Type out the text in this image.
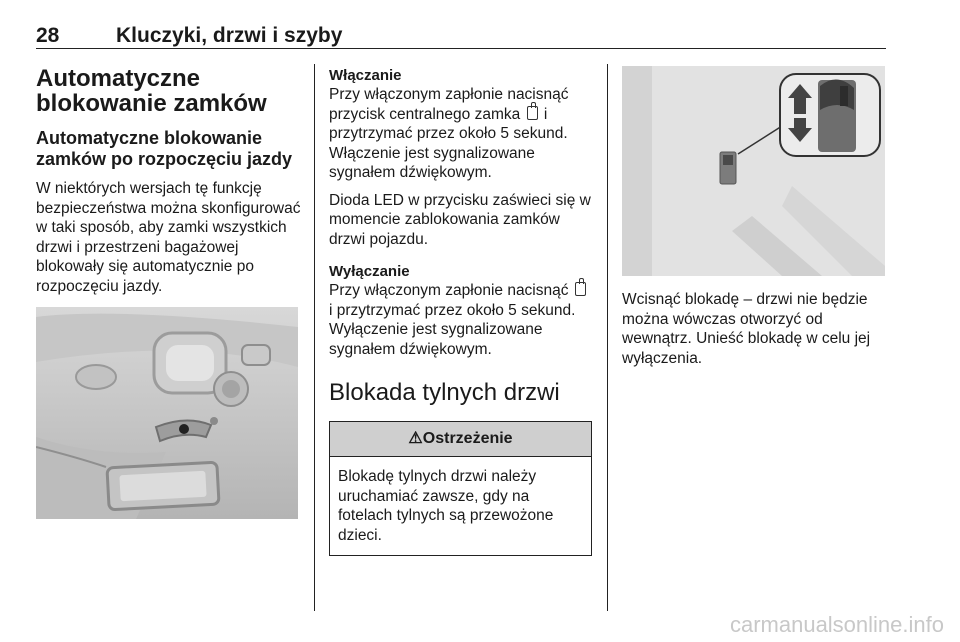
28	Kluczyki, drzwi i szyby
Automatyczne blokowanie zamków
Automatyczne blokowanie zamków po rozpoczęciu jazdy

W niektórych wersjach tę funkcję bezpieczeństwa można skonfigurować w taki sposób, aby zamki wszystkich drzwi i przestrzeni bagażowej blokowały się automatycznie po rozpoczęciu jazdy.

Włączanie

Przy włączonym zapłonie nacisnąć przycisk centralnego zamka i przytrzymać przez około 5 sekund. Włączenie jest sygnalizowane sygnałem dźwiękowym.

Dioda LED w przycisku zaświeci się w momencie zablokowania zamków drzwi pojazdu.

Wyłączanie

Przy włączonym zapłonie nacisnąć  i przytrzymać przez około 5 sekund. Wyłączenie jest sygnalizowane sygnałem dźwiękowym.

Blokada tylnych drzwi
⚠Ostrzeżenie
Blokadę tylnych drzwi należy uruchamiać zawsze, gdy na fotelach tylnych są przewożone dzieci.

Wcisnąć blokadę – drzwi nie będzie można wówczas otworzyć od wewnątrz. Unieść blokadę w celu jej wyłączenia.

carmanualsonline.info
